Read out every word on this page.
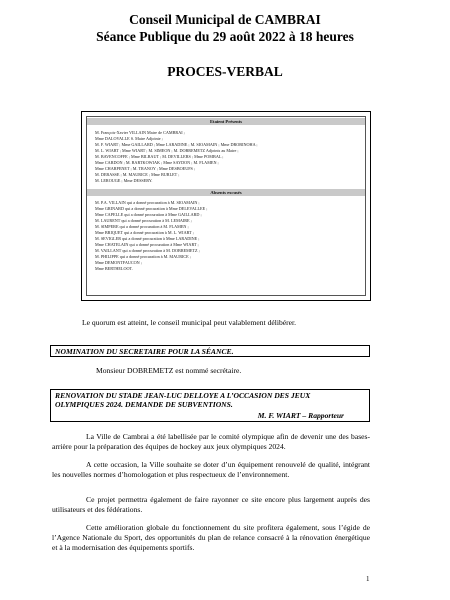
Conseil Municipal de CAMBRAI
Séance Publique du 29 août 2022 à 18 heures
PROCES-VERBAL
Etaient Présents
M. François-Xavier VILLAIN Maire de CAMBRAI ;
Mme DALOVALLE S. Maire Adjointe ;
M. F. WIART ; Mme GAILLARD ; Mme LARADINE ; M. SIOAMAIN ; Mme DROBINOHA ;
M. L. WIART ; Mme WIART ; M. SIMEON ; M. DOBREMETZ Adjoints au Maire ;
M. BAVENCOFFE ; Mme BILBAUT ; M. DEVILLERS ; Mme POMBAL ;
Mme CARDON ; M. BARTKOWIAK ; Mme SAYDON ; M. FLAMEN ;
Mme CHARPENET ; M. TRANOY ; Mme DESBOEUFS ;
M. DEBASSE ; M. MAURICE ; Mme BURLET ;
M. LEROUGE ; Mme DESSERY.
Absents excusés
M. P.A. VILLAIN qui a donné procuration à M. SIOAMAIN ;
Mme GRINARD qui a donné procuration à Mme DELEVALLEE ;
Mme CAPELLE qui a donné procuration à Mme GAILLARD ;
M. LAURENT qui a donné procuration à M. LEMAIRE ;
M. SIMPERE qui a donné procuration à M. FLAMEN ;
Mme BRIQUET qui a donné procuration à M. L. WIART ;
M. SEVIGLER qui a donné procuration à Mme LARADINE ;
Mme CHATELAIN qui a donné procuration à Mme WIART ;
M. VAILLANT qui a donné procuration à M. DOBREMETZ ;
M. PHILIPPE qui a donné procuration à M. MAURICE ;
Mme DEMONTFAUCON ;
Mme BERTHELOOT.
Le quorum est atteint, le conseil municipal peut valablement délibérer.
NOMINATION DU SECRETAIRE POUR LA SÉANCE.
Monsieur DOBREMETZ est nommé secrétaire.
RENOVATION DU STADE JEAN-LUC DELLOYE A L’OCCASION DES JEUX
OLYMPIQUES 2024. DEMANDE DE SUBVENTIONS.
M. F. WIART – Rapporteur
La Ville de Cambrai a été labellisée par le comité olympique afin de devenir une des bases-arrière pour la préparation des équipes de hockey aux jeux olympiques 2024.
A cette occasion, la Ville souhaite se doter d’un équipement renouvelé de qualité, intégrant les nouvelles normes d’homologation et plus respectueux de l’environnement.
Ce projet permettra également de faire rayonner ce site encore plus largement auprès des utilisateurs et des fédérations.
Cette amélioration globale du fonctionnement du site profitera également, sous l’égide de l’Agence Nationale du Sport, des opportunités du plan de relance consacré à la rénovation énergétique et à la modernisation des équipements sportifs.
1
